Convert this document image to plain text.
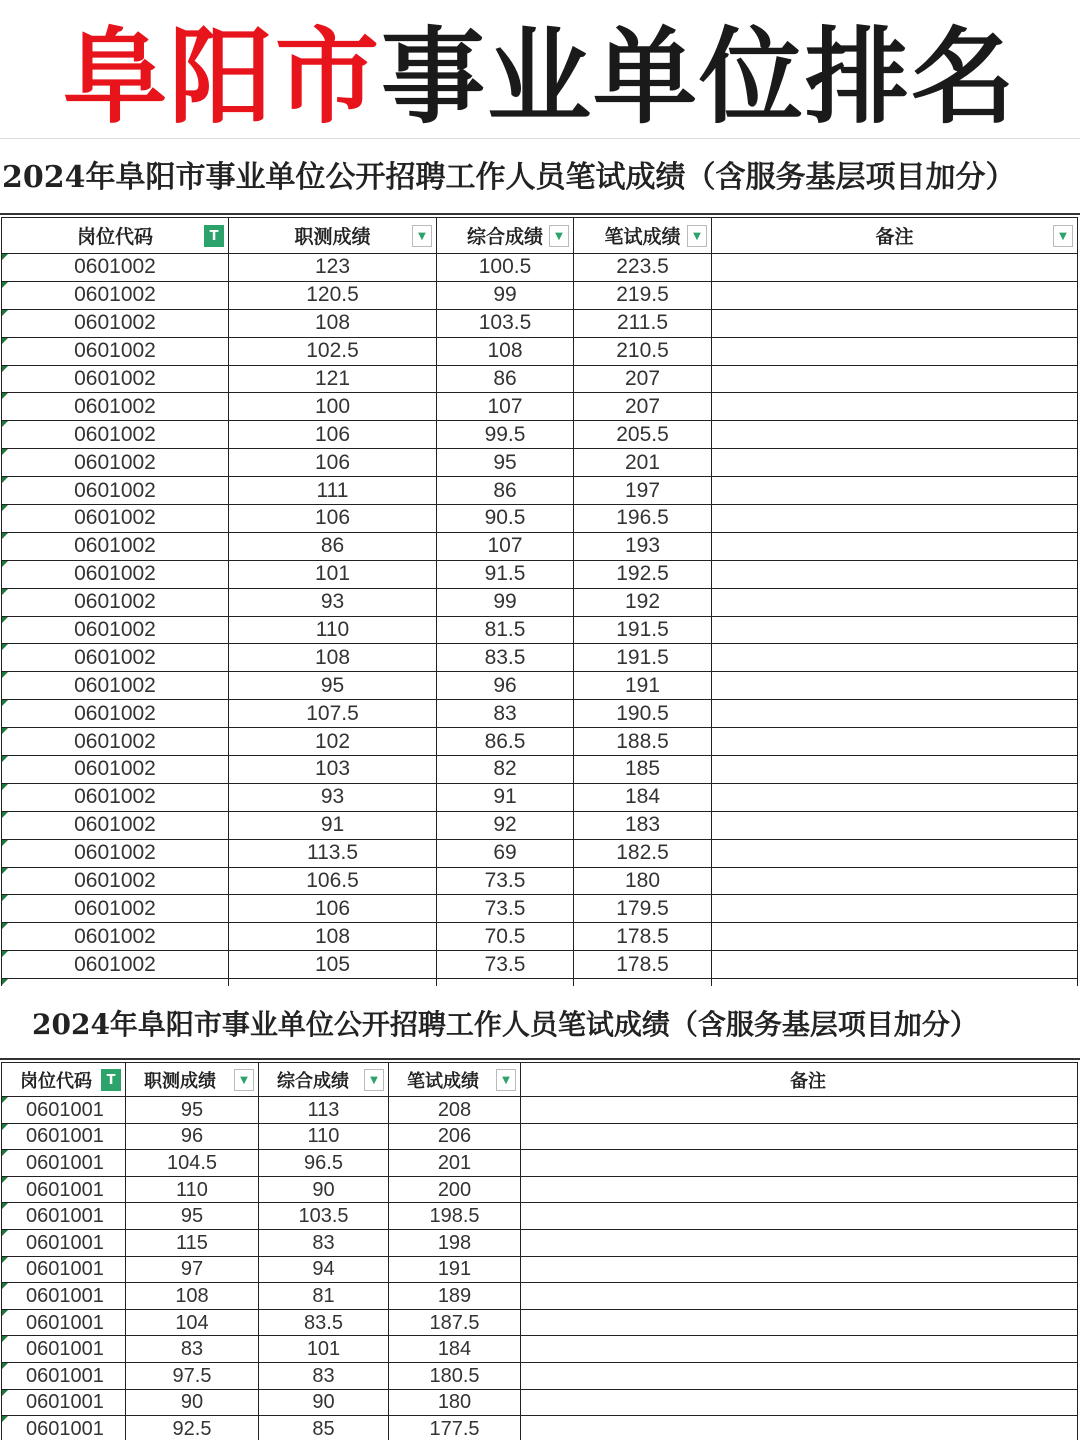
阜阳市 事业单位排名
2024年阜阳市事业单位公开招聘工作人员笔试成绩（含服务基层项目加分）
岗位代码 T	职测成绩 ▼	综合成绩 ▼	笔试成绩 ▼	备注 ▼

0601002	123	100.5	223.5	
0601002	120.5	99	219.5	
0601002	108	103.5	211.5	
0601002	102.5	108	210.5	
0601002	121	86	207	
0601002	100	107	207	
0601002	106	99.5	205.5	
0601002	106	95	201	
0601002	111	86	197	
0601002	106	90.5	196.5	
0601002	86	107	193	
0601002	101	91.5	192.5	
0601002	93	99	192	
0601002	110	81.5	191.5	
0601002	108	83.5	191.5	
0601002	95	96	191	
0601002	107.5	83	190.5	
0601002	102	86.5	188.5	
0601002	103	82	185	
0601002	93	91	184	
0601002	91	92	183	
0601002	113.5	69	182.5	
0601002	106.5	73.5	180	
0601002	106	73.5	179.5	
0601002	108	70.5	178.5	
0601002	105	73.5	178.5	

2024年阜阳市事业单位公开招聘工作人员笔试成绩（含服务基层项目加分）
岗位代码 T	职测成绩 ▼	综合成绩 ▼	笔试成绩 ▼	备注
0601001	95	113	208	
0601001	96	110	206	
0601001	104.5	96.5	201	
0601001	110	90	200	
0601001	95	103.5	198.5	
0601001	115	83	198	
0601001	97	94	191	
0601001	108	81	189	
0601001	104	83.5	187.5	
0601001	83	101	184	
0601001	97.5	83	180.5	
0601001	90	90	180	
0601001	92.5	85	177.5	
